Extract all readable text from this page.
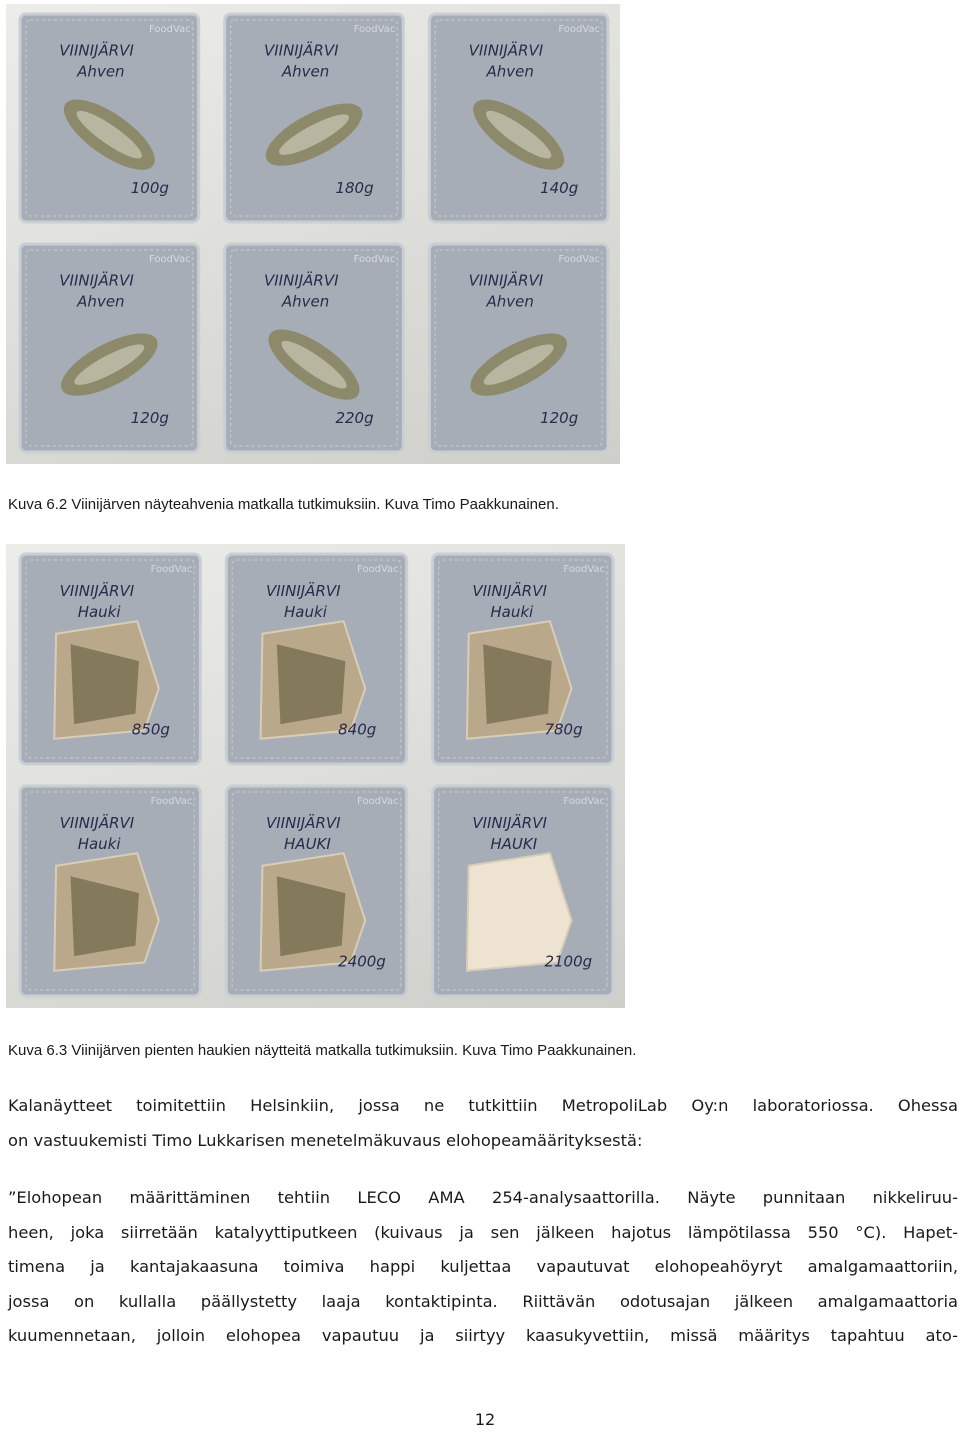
FoodVac
VIINIJÄRVI
Ahven
100g
FoodVac
VIINIJÄRVI
Ahven
180g
FoodVac
VIINIJÄRVI
Ahven
140g
FoodVac
VIINIJÄRVI
Ahven
120g
FoodVac
VIINIJÄRVI
Ahven
220g
FoodVac
VIINIJÄRVI
Ahven
120g
Kuva 6.2 Viinijärven näyteahvenia matkalla tutkimuksiin. Kuva Timo Paakkunainen.
FoodVac
VIINIJÄRVI
Hauki
850g
FoodVac
VIINIJÄRVI
Hauki
840g
FoodVac
VIINIJÄRVI
Hauki
780g
FoodVac
VIINIJÄRVI
Hauki
FoodVac
VIINIJÄRVI
HAUKI
2400g
FoodVac
VIINIJÄRVI
HAUKI
2100g
Kuva 6.3 Viinijärven pienten haukien näytteitä matkalla tutkimuksiin. Kuva Timo Paakkunainen.
Kalanäytteet toimitettiin Helsinkiin, jossa ne tutkittiin MetropoliLab Oy:n laboratoriossa. Ohessa
on vastuukemisti Timo Lukkarisen menetelmäkuvaus elohopeamäärityksestä:
”Elohopean määrittäminen tehtiin LECO AMA 254-analysaattorilla. Näyte punnitaan nikkeliruu-
heen, joka siirretään katalyyttiputkeen (kuivaus ja sen jälkeen hajotus lämpötilassa 550 °C). Hapet-
timena ja kantajakaasuna toimiva happi kuljettaa vapautuvat elohopeahöyryt amalgamaattoriin,
jossa on kullalla päällystetty laaja kontaktipinta. Riittävän odotusajan jälkeen amalgamaattoria
kuumennetaan, jolloin elohopea vapautuu ja siirtyy kaasukyvettiin, missä määritys tapahtuu ato-
12
